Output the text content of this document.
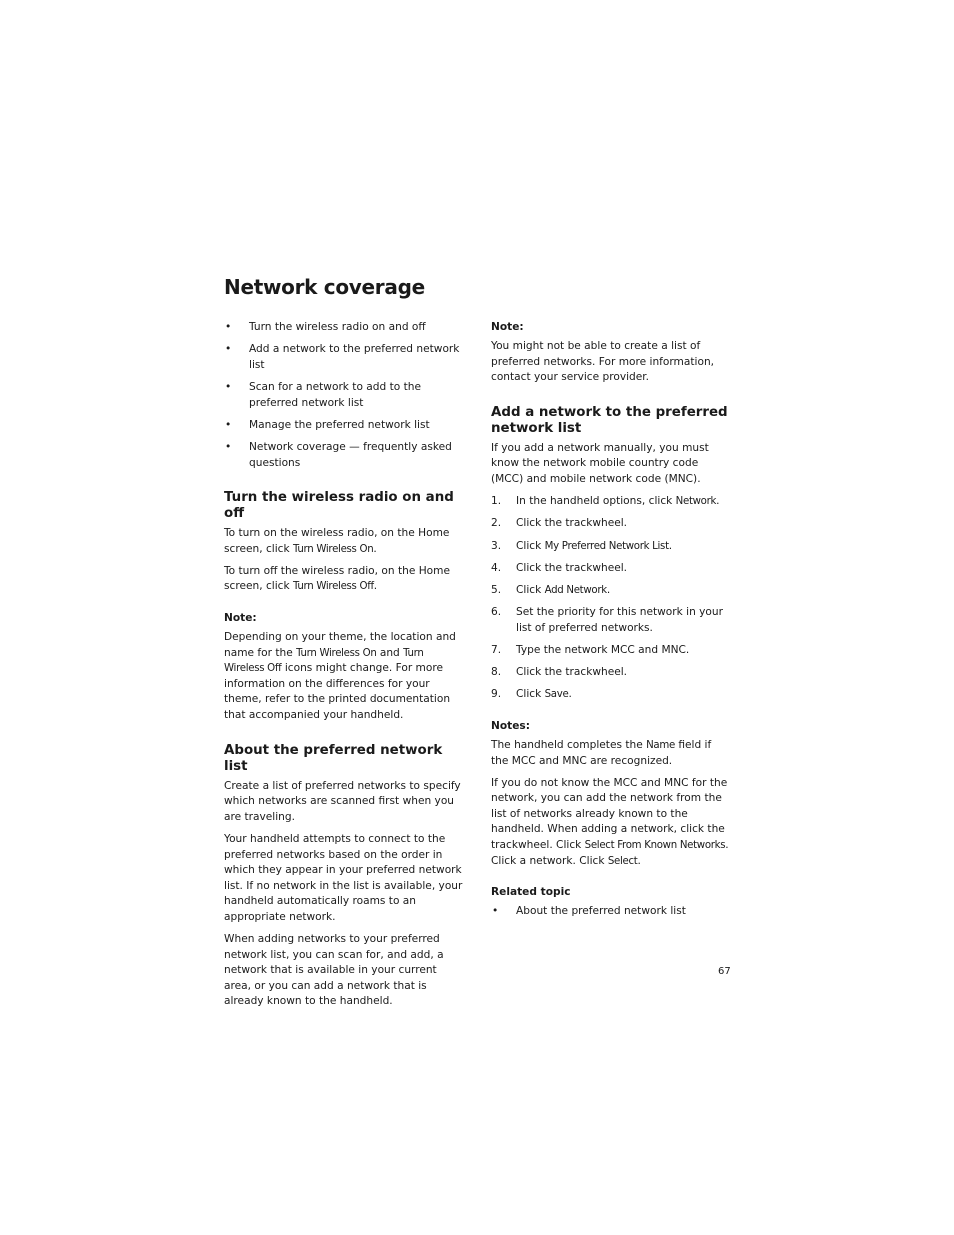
Network coverage
•	Turn the wireless radio on and off
•	Add a network to the preferred network list
•	Scan for a network to add to the preferred network list
•	Manage the preferred network list
•	Network coverage — frequently asked questions
Turn the wireless radio on and off

To turn on the wireless radio, on the Home screen, click Turn Wireless On.

To turn off the wireless radio, on the Home screen, click Turn Wireless Off.

Note:

Depending on your theme, the location and name for the Turn Wireless On and Turn Wireless Off icons might change. For more information on the differences for your theme, refer to the printed documentation that accompanied your handheld.

About the preferred network list

Create a list of preferred networks to specify which networks are scanned first when you are traveling.

Your handheld attempts to connect to the preferred networks based on the order in which they appear in your preferred network list. If no network in the list is available, your handheld automatically roams to an appropriate network.

When adding networks to your preferred network list, you can scan for, and add, a network that is available in your current area, or you can add a network that is already known to the handheld.

Note:

You might not be able to create a list of preferred networks. For more information, contact your service provider.

Add a network to the preferred network list

If you add a network manually, you must know the network mobile country code (MCC) and mobile network code (MNC).

1.	In the handheld options, click Network.
2.	Click the trackwheel.
3.	Click My Preferred Network List.
4.	Click the trackwheel.
5.	Click Add Network.
6.	Set the priority for this network in your list of preferred networks.
7.	Type the network MCC and MNC.
8.	Click the trackwheel.
9.	Click Save.
Notes:

The handheld completes the Name field if the MCC and MNC are recognized.

If you do not know the MCC and MNC for the network, you can add the network from the list of networks already known to the handheld. When adding a network, click the trackwheel. Click Select From Known Networks. Click a network. Click Select.

Related topic
•	About the preferred network list
67
